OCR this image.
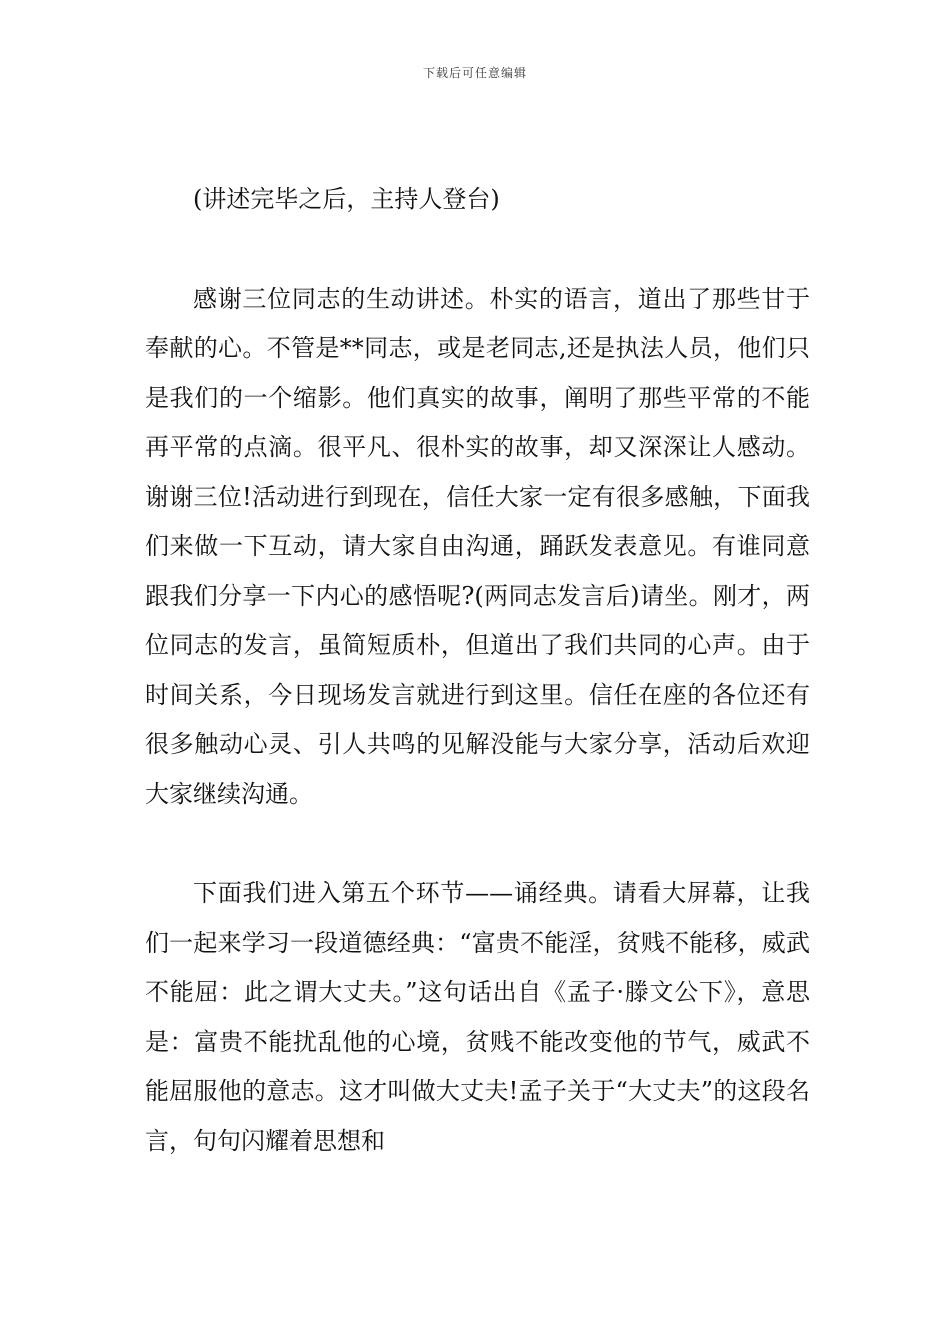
下载后可任意编辑

(讲述完毕之后，主持人登台)

感谢三位同志的生动讲述。朴实的语言，道出了那些甘于奉献的心。不管是**同志，或是老同志,还是执法人员，他们只是我们的一个缩影。他们真实的故事，阐明了那些平常的不能再平常的点滴。很平凡、很朴实的故事，却又深深让人感动。谢谢三位!活动进行到现在，信任大家一定有很多感触，下面我们来做一下互动，请大家自由沟通，踊跃发表意见。有谁同意跟我们分享一下内心的感悟呢?(两同志发言后)请坐。刚才，两位同志的发言，虽简短质朴，但道出了我们共同的心声。由于时间关系，今日现场发言就进行到这里。信任在座的各位还有很多触动心灵、引人共鸣的见解没能与大家分享，活动后欢迎大家继续沟通。

下面我们进入第五个环节——诵经典。请看大屏幕，让我们一起来学习一段道德经典：“富贵不能淫，贫贱不能移，威武不能屈：此之谓大丈夫。”这句话出自《孟子·滕文公下》，意思是：富贵不能扰乱他的心境，贫贱不能改变他的节气，威武不能屈服他的意志。这才叫做大丈夫!孟子关于“大丈夫”的这段名言，句句闪耀着思想和
